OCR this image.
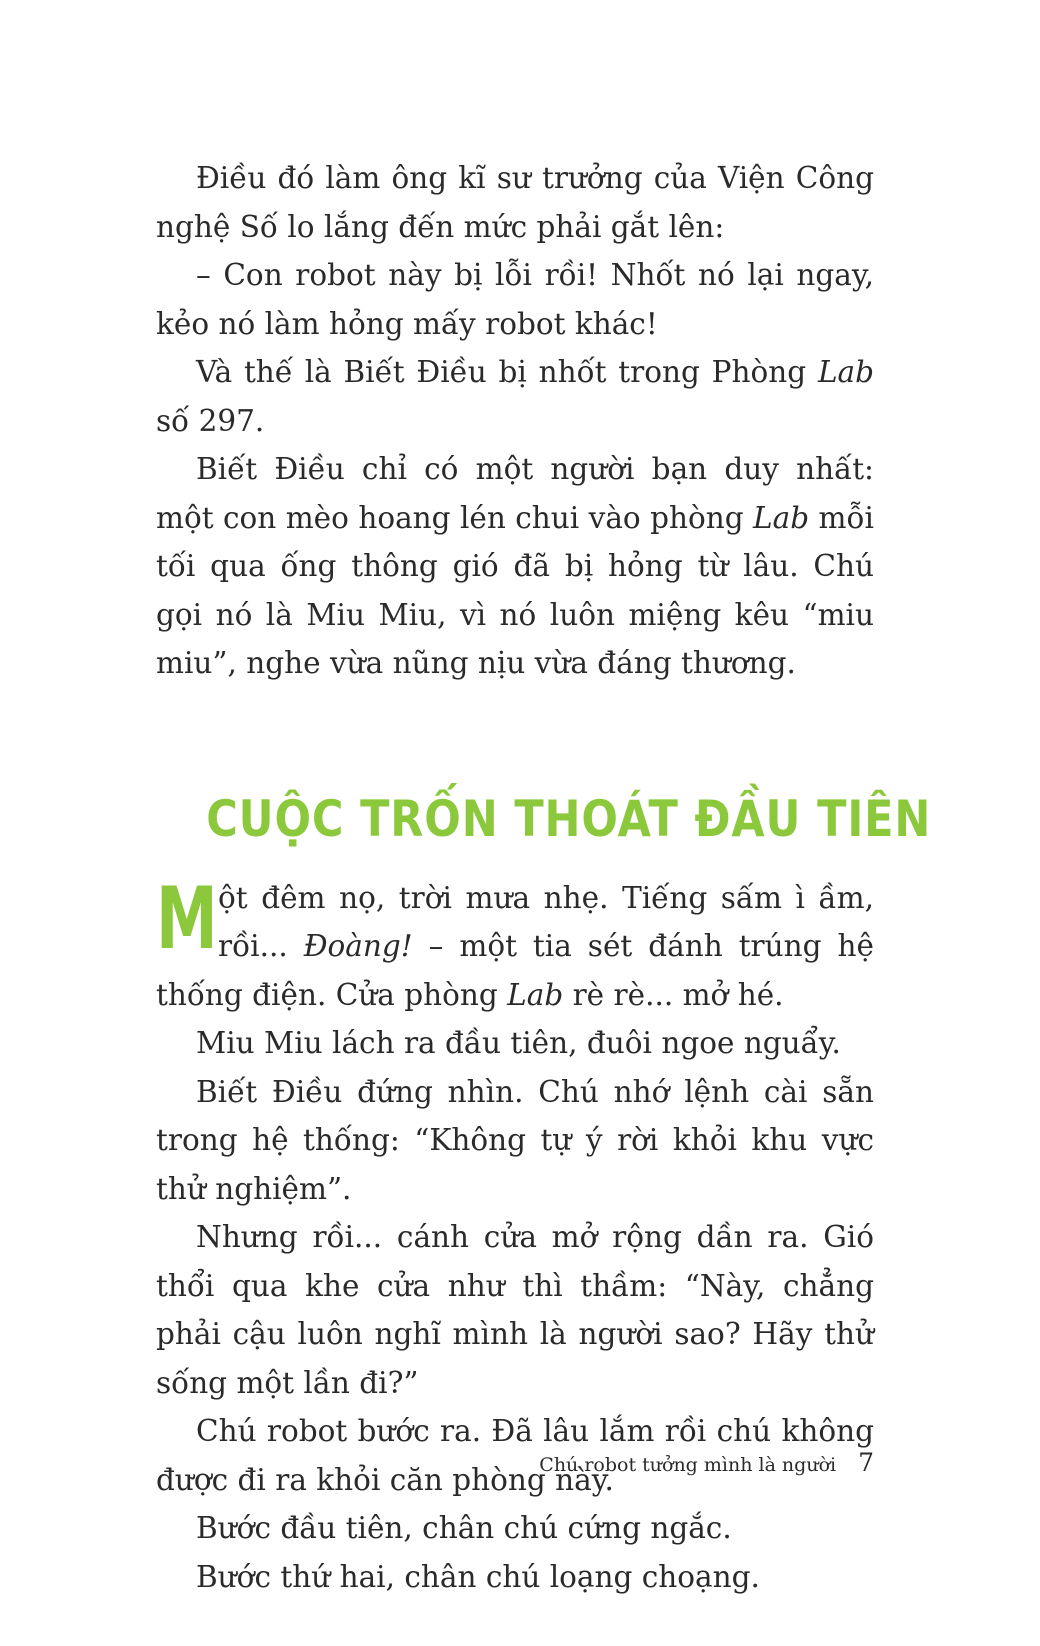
Điều đó làm ông kĩ sư trưởng của Viện Công nghệ Số lo lắng đến mức phải gắt lên:

– Con robot này bị lỗi rồi! Nhốt nó lại ngay, kẻo nó làm hỏng mấy robot khác!

Và thế là Biết Điều bị nhốt trong Phòng Lab số 297.

Biết Điều chỉ có một người bạn duy nhất: một con mèo hoang lén chui vào phòng Lab mỗi tối qua ống thông gió đã bị hỏng từ lâu. Chú gọi nó là Miu Miu, vì nó luôn miệng kêu “miu miu”, nghe vừa nũng nịu vừa đáng thương.

CUỘC TRỐN THOÁT ĐẦU TIÊN

Một đêm nọ, trời mưa nhẹ. Tiếng sấm ì ầm, rồi... Đoàng! – một tia sét đánh trúng hệ thống điện. Cửa phòng Lab rè rè... mở hé.

Miu Miu lách ra đầu tiên, đuôi ngoe nguẩy.

Biết Điều đứng nhìn. Chú nhớ lệnh cài sẵn trong hệ thống: “Không tự ý rời khỏi khu vực thử nghiệm”.

Nhưng rồi... cánh cửa mở rộng dần ra. Gió thổi qua khe cửa như thì thầm: “Này, chẳng phải cậu luôn nghĩ mình là người sao? Hãy thử sống một lần đi?”

Chú robot bước ra. Đã lâu lắm rồi chú không được đi ra khỏi căn phòng này.

Bước đầu tiên, chân chú cứng ngắc.

Bước thứ hai, chân chú loạng choạng.

Chú robot tưởng mình là người 7
